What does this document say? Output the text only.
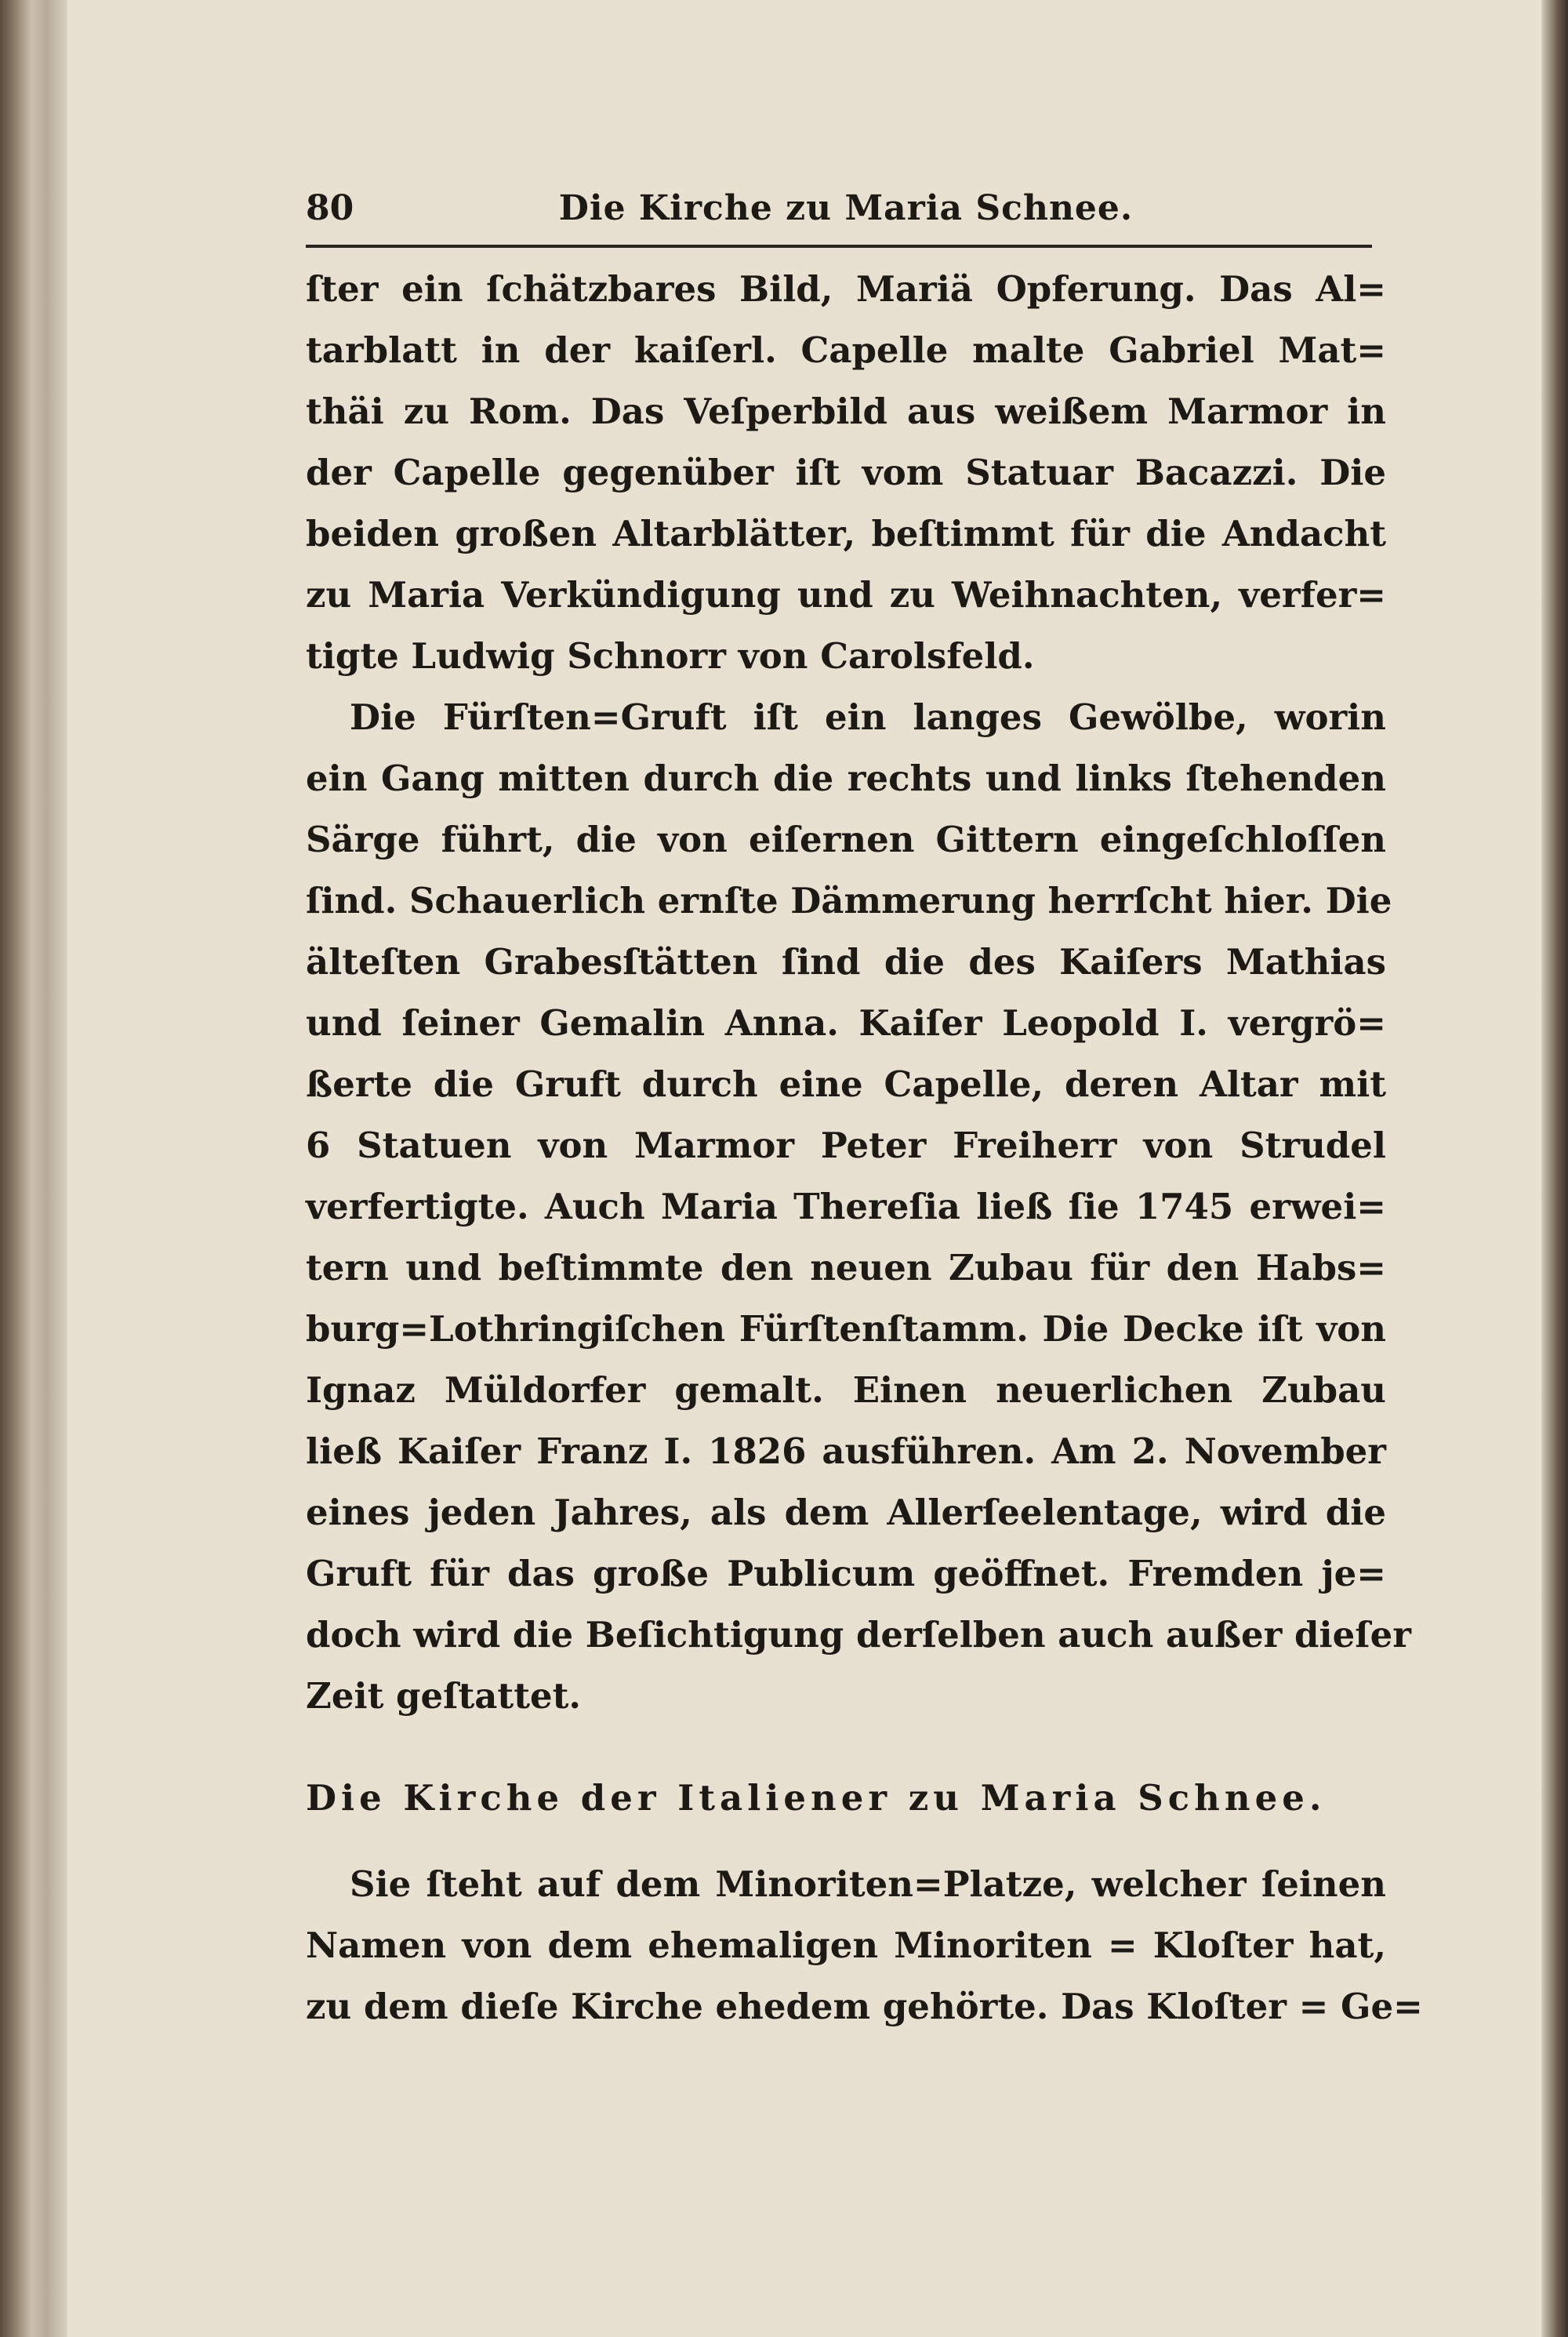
80	Die Kirche zu Maria Schnee.
ſter ein ſchätzbares Bild, Mariä Opferung. Das Al=
tarblatt in der kaiſerl. Capelle malte Gabriel Mat=
thäi zu Rom. Das Veſperbild aus weißem Marmor in
der Capelle gegenüber iſt vom Statuar Bacazzi. Die
beiden großen Altarblätter, beſtimmt für die Andacht
zu Maria Verkündigung und zu Weihnachten, verfer=
tigte Ludwig Schnorr von Carolsfeld.
Die Fürſten=Gruft iſt ein langes Gewölbe, worin
ein Gang mitten durch die rechts und links ſtehenden
Särge führt, die von eiſernen Gittern eingeſchloſſen
ſind. Schauerlich ernſte Dämmerung herrſcht hier. Die
älteſten Grabesſtätten ſind die des Kaiſers Mathias
und ſeiner Gemalin Anna. Kaiſer Leopold I. vergrö=
ßerte die Gruft durch eine Capelle, deren Altar mit
6 Statuen von Marmor Peter Freiherr von Strudel
verfertigte. Auch Maria Thereſia ließ ſie 1745 erwei=
tern und beſtimmte den neuen Zubau für den Habs=
burg=Lothringiſchen Fürſtenſtamm. Die Decke iſt von
Ignaz Müldorfer gemalt. Einen neuerlichen Zubau
ließ Kaiſer Franz I. 1826 ausführen. Am 2. November
eines jeden Jahres, als dem Allerſeelentage, wird die
Gruft für das große Publicum geöffnet. Fremden je=
doch wird die Beſichtigung derſelben auch außer dieſer
Zeit geſtattet.
Die Kirche der Italiener zu Maria Schnee.
Sie ſteht auf dem Minoriten=Platze, welcher ſeinen
Namen von dem ehemaligen Minoriten = Kloſter hat,
zu dem dieſe Kirche ehedem gehörte. Das Kloſter = Ge=
